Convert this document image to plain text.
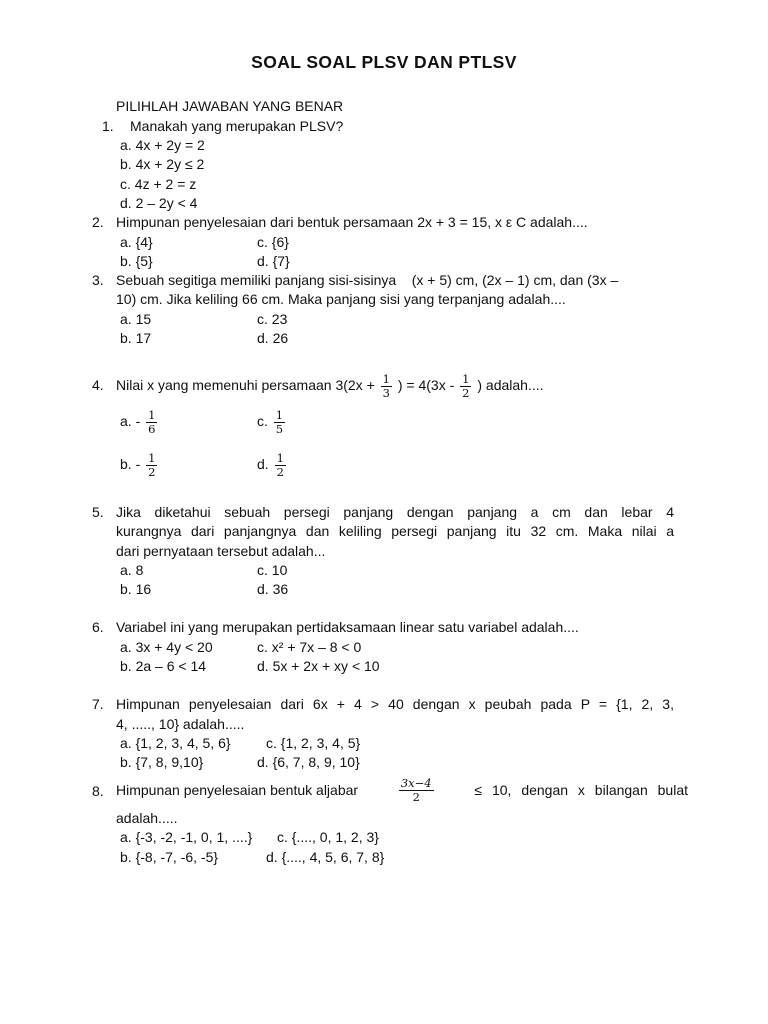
SOAL SOAL PLSV DAN PTLSV
PILIHLAH JAWABAN YANG BENAR
1. Manakah yang merupakan PLSV?
a. 4x + 2y = 2
b. 4x + 2y ≤ 2
c. 4z + 2 = z
d. 2 – 2y < 4
2. Himpunan penyelesaian dari bentuk persamaan 2x + 3 = 15, x ε C adalah....
a. {4}	c. {6}
b. {5}	d. {7}
3. Sebuah segitiga memiliki panjang sisi-sisinya    (x + 5) cm, (2x – 1) cm, dan (3x –
10) cm. Jika keliling 66 cm. Maka panjang sisi yang terpanjang adalah....
a. 15	c. 23
b. 17	d. 26
4. Nilai x yang memenuhi persamaan $3(2x + \frac{1}{3}$ ) = $4(3x - \frac{1}{2}$ ) adalah....
a. - $\frac{1}{6}$	c. $\frac{1}{5}$
b. - $\frac{1}{2}$	d. $\frac{1}{2}$
5. Jika diketahui sebuah persegi panjang dengan panjang a cm dan lebar 4
kurangnya dari panjangnya dan keliling persegi panjang itu 32 cm. Maka nilai a
dari pernyataan tersebut adalah...
a. 8	c. 10
b. 16	d. 36
6. Variabel ini yang merupakan pertidaksamaan linear satu variabel adalah....
a. 3x + 4y < 20	c. x² + 7x – 8 < 0
b. 2a – 6 < 14	d. 5x + 2x + xy < 10
7. Himpunan penyelesaian dari 6x + 4 > 40 dengan x peubah pada P = {1, 2, 3,
4, ....., 10} adalah.....
a. {1, 2, 3, 4, 5, 6}	c. {1, 2, 3, 4, 5}
b. {7, 8, 9,10}	d. {6, 7, 8, 9, 10}
8. Himpunan penyelesaian bentuk aljabar	$\frac{3x-4}{2}$	≤ 10, dengan x bilangan bulat
adalah.....
a. {-3, -2, -1, 0, 1, ....} c. {...., 0, 1, 2, 3}
b. {-8, -7, -6, -5}	d. {...., 4, 5, 6, 7, 8}
